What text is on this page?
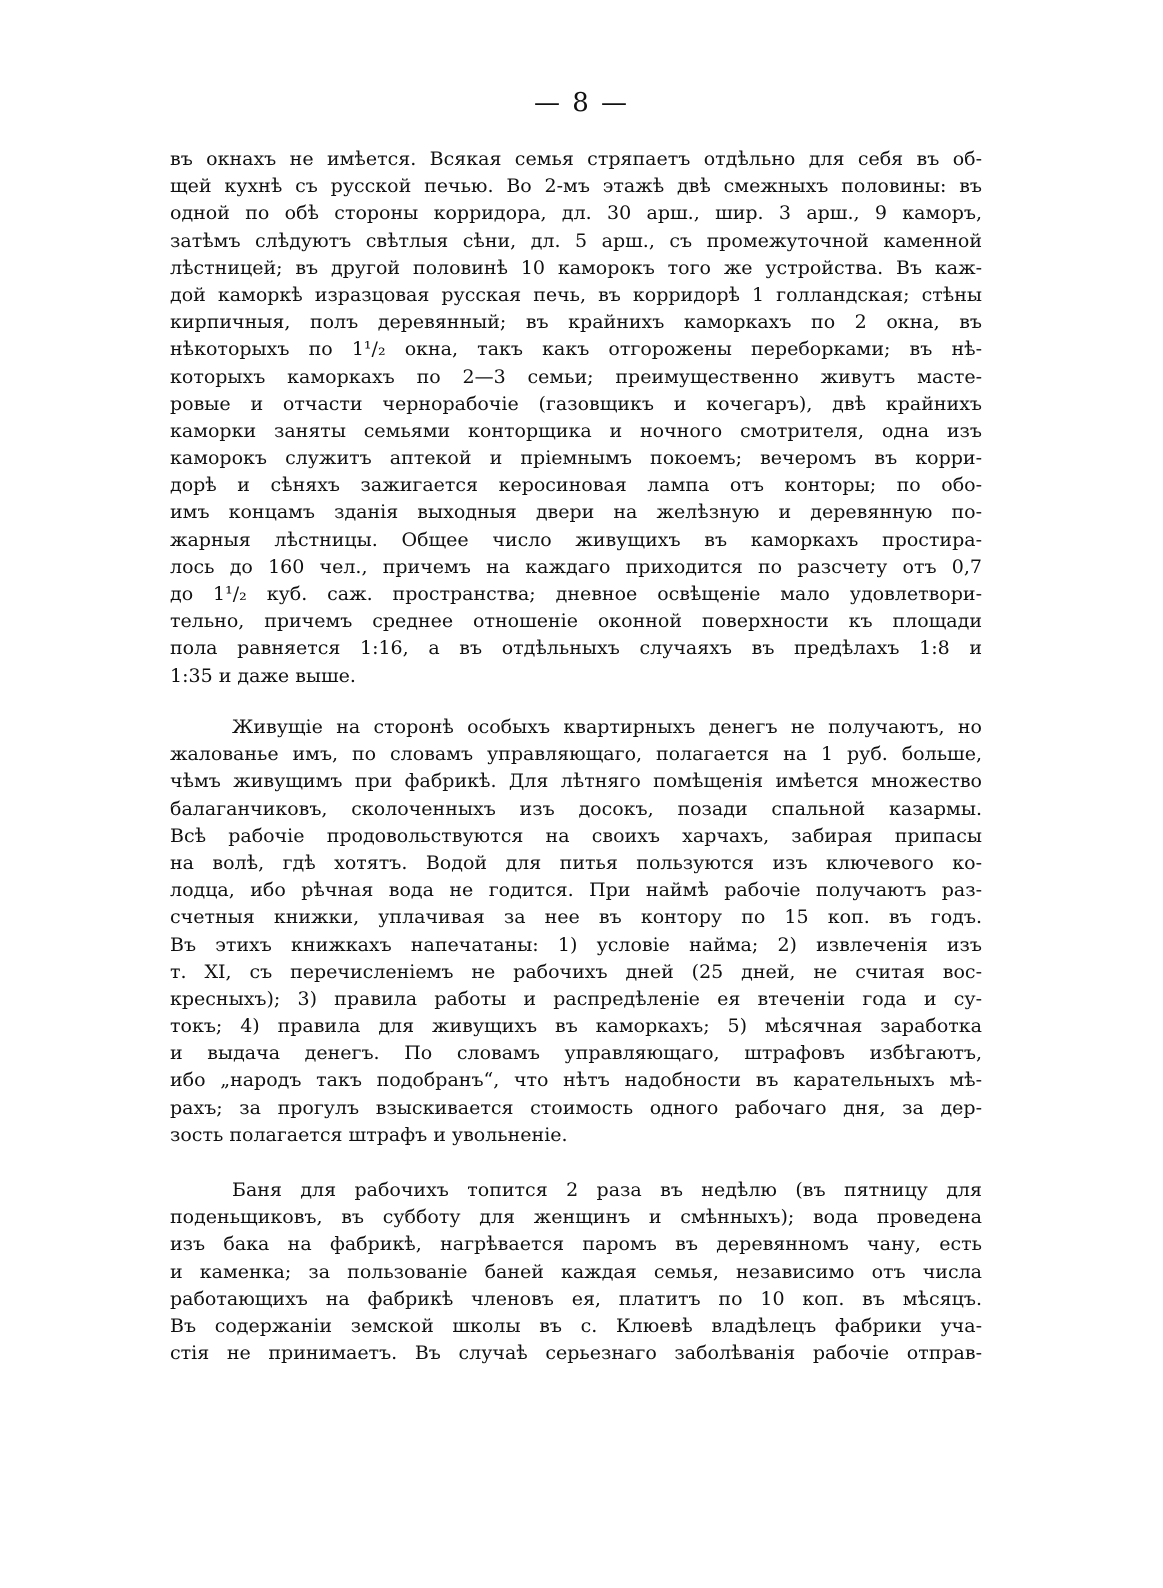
— 8 —
въ окнахъ не имѣется. Всякая семья стряпаетъ отдѣльно для себя въ об-
щей кухнѣ съ русской печью. Во 2-мъ этажѣ двѣ смежныхъ половины: въ
одной по обѣ стороны корридора, дл. 30 арш., шир. 3 арш., 9 каморъ,
затѣмъ слѣдуютъ свѣтлыя сѣни, дл. 5 арш., съ промежуточной каменной
лѣстницей; въ другой половинѣ 10 каморокъ того же устройства. Въ каж-
дой каморкѣ изразцовая русская печь, въ корридорѣ 1 голландская; стѣны
кирпичныя, полъ деревянный; въ крайнихъ каморкахъ по 2 окна, въ
нѣкоторыхъ по 1¹/₂ окна, такъ какъ отгорожены переборками; въ нѣ-
которыхъ каморкахъ по 2—3 семьи; преимущественно живутъ масте-
ровые и отчасти чернорабочіе (газовщикъ и кочегаръ), двѣ крайнихъ
каморки заняты семьями конторщика и ночного смотрителя, одна изъ
каморокъ служитъ аптекой и пріемнымъ покоемъ; вечеромъ въ корри-
дорѣ и сѣняхъ зажигается керосиновая лампа отъ конторы; по обо-
имъ концамъ зданія выходныя двери на желѣзную и деревянную по-
жарныя лѣстницы. Общее число живущихъ въ каморкахъ простира-
лось до 160 чел., причемъ на каждаго приходится по разсчету отъ 0,7
до 1¹/₂ куб. саж. пространства; дневное освѣщеніе мало удовлетвори-
тельно, причемъ среднее отношеніе оконной поверхности къ площади
пола равняется 1:16, а въ отдѣльныхъ случаяхъ въ предѣлахъ 1:8 и
1:35 и даже выше.
Живущіе на сторонѣ особыхъ квартирныхъ денегъ не получаютъ, но
жалованье имъ, по словамъ управляющаго, полагается на 1 руб. больше,
чѣмъ живущимъ при фабрикѣ. Для лѣтняго помѣщенія имѣется множество
балаганчиковъ, сколоченныхъ изъ досокъ, позади спальной казармы.
Всѣ рабочіе продовольствуются на своихъ харчахъ, забирая припасы
на волѣ, гдѣ хотятъ. Водой для питья пользуются изъ ключевого ко-
лодца, ибо рѣчная вода не годится. При наймѣ рабочіе получаютъ раз-
счетныя книжки, уплачивая за нее въ контору по 15 коп. въ годъ.
Въ этихъ книжкахъ напечатаны: 1) условіе найма; 2) извлеченія изъ
т. XI, съ перечисленіемъ не рабочихъ дней (25 дней, не считая вос-
кресныхъ); 3) правила работы и распредѣленіе ея втеченіи года и су-
токъ; 4) правила для живущихъ въ каморкахъ; 5) мѣсячная заработка
и выдача денегъ. По словамъ управляющаго, штрафовъ избѣгаютъ,
ибо „народъ такъ подобранъ“, что нѣтъ надобности въ карательныхъ мѣ-
рахъ; за прогулъ взыскивается стоимость одного рабочаго дня, за дер-
зость полагается штрафъ и увольненіе.
Баня для рабочихъ топится 2 раза въ недѣлю (въ пятницу для
поденьщиковъ, въ субботу для женщинъ и смѣнныхъ); вода проведена
изъ бака на фабрикѣ, нагрѣвается паромъ въ деревянномъ чану, есть
и каменка; за пользованіе баней каждая семья, независимо отъ числа
работающихъ на фабрикѣ членовъ ея, платитъ по 10 коп. въ мѣсяцъ.
Въ содержаніи земской школы въ с. Клюевѣ владѣлецъ фабрики уча-
стія не принимаетъ. Въ случаѣ серьезнаго заболѣванія рабочіе отправ-
